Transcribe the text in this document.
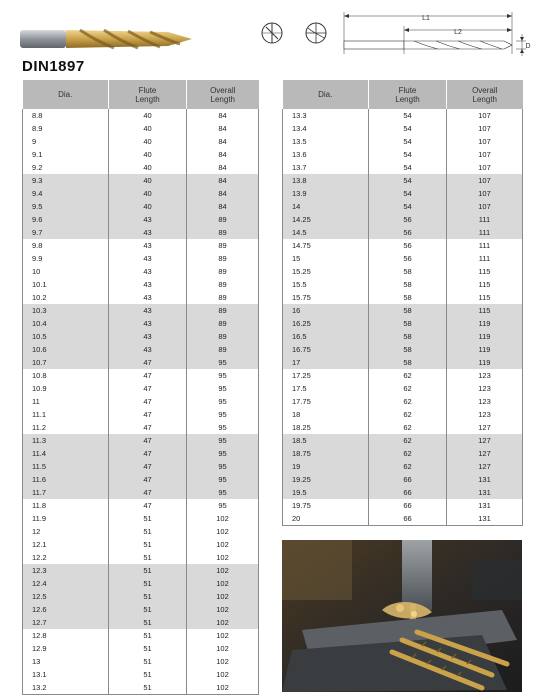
DIN1897
L1
L2
D
Dia.	Flute
Length	Overall
Length
8.8	40	84
8.9	40	84
9	40	84
9.1	40	84
9.2	40	84
9.3	40	84
9.4	40	84
9.5	40	84
9.6	43	89
9.7	43	89
9.8	43	89
9.9	43	89
10	43	89
10.1	43	89
10.2	43	89
10.3	43	89
10.4	43	89
10.5	43	89
10.6	43	89
10.7	47	95
10.8	47	95
10.9	47	95
11	47	95
11.1	47	95
11.2	47	95
11.3	47	95
11.4	47	95
11.5	47	95
11.6	47	95
11.7	47	95
11.8	47	95
11.9	51	102
12	51	102
12.1	51	102
12.2	51	102
12.3	51	102
12.4	51	102
12.5	51	102
12.6	51	102
12.7	51	102
12.8	51	102
12.9	51	102
13	51	102
13.1	51	102
13.2	51	102
Dia.	Flute
Length	Overall
Length
13.3	54	107
13.4	54	107
13.5	54	107
13.6	54	107
13.7	54	107
13.8	54	107
13.9	54	107
14	54	107
14.25	56	111
14.5	56	111
14.75	56	111
15	56	111
15.25	58	115
15.5	58	115
15.75	58	115
16	58	115
16.25	58	119
16.5	58	119
16.75	58	119
17	58	119
17.25	62	123
17.5	62	123
17.75	62	123
18	62	123
18.25	62	127
18.5	62	127
18.75	62	127
19	62	127
19.25	66	131
19.5	66	131
19.75	66	131
20	66	131
